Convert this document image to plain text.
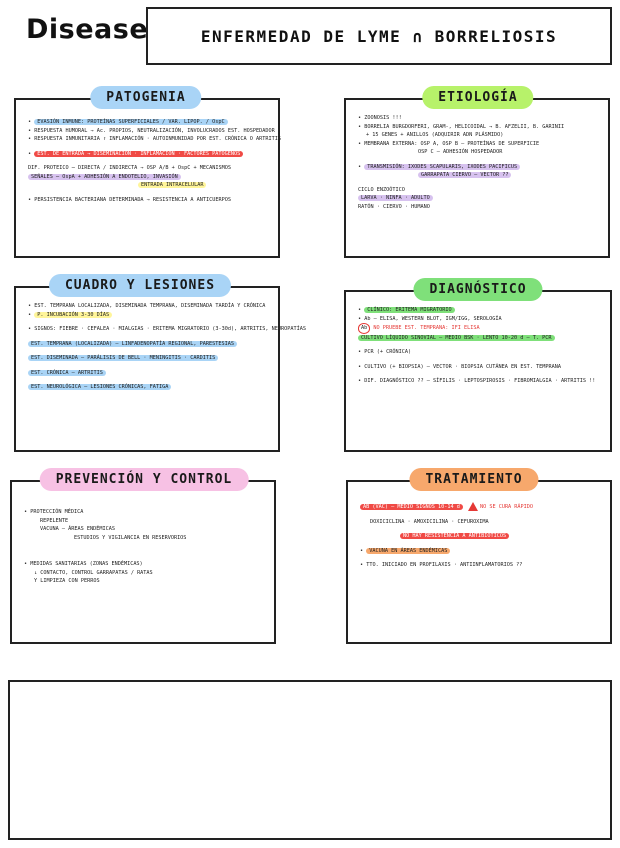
Disease	ENFERMEDAD DE LYME ∩ BORRELIOSIS
• EVASIÓN INMUNE: PROTEÍNAS SUPERFICIALES / VAR. LIPOP. / OspC
• RESPUESTA HUMORAL → Ac. PROPIOS, NEUTRALIZACIÓN, INVOLUCRADOS EST. HOSPEDADOR
• RESPUESTA INMUNITARIA ↑ INFLAMACIÓN · AUTOINMUNIDAD POR EST. CRÓNICA O ARTRITIS
• EST. DE ENTRADA → DISEMINACIÓN · INFLAMACIÓN · FACTORES PATÓGENOS
DIF. PROTEICO ─ DIRECTA / INDIRECTA → OSP A/B + OspC + MECANISMOS
SEÑALES ─ OspA + ADHESIÓN A ENDOTELIO, INVASIÓN
ENTRADA INTRACELULAR
• PERSISTENCIA BACTERIANA DETERMINADA → RESISTENCIA A ANTICUERPOS
PATOGENIA
• ZOONOSIS !!!
• BORRELIA BURGDORFERI, GRAM-, HELICOIDAL → B. AFZELII, B. GARINII
+ 15 GENES + ANILLOS (ADQUIRIR ADN PLÁSMIDO)
• MEMBRANA EXTERNA: OSP A, OSP B — PROTEÍNAS DE SUPERFICIE
OSP C — ADHESIÓN HOSPEDADOR
• TRANSMISIÓN: IXODES SCAPULARIS, IXODES PACIFICUS
GARRAPATA CIERVO — VECTOR ??
CICLO ENZOÓTICO
LARVA · NINFA · ADULTO
RATÓN · CIERVO · HUMANO
ETIOLOGÍA
• EST. TEMPRANA LOCALIZADA, DISEMINADA TEMPRANA, DISEMINADA TARDÍA Y CRÓNICA
• P. INCUBACIÓN 3-30 DÍAS
• SIGNOS: FIEBRE · CEFALEA · MIALGIAS · ERITEMA MIGRATORIO (3-30d), ARTRITIS, NEUROPATÍAS
EST. TEMPRANA (LOCALIZADA) — LINFADENOPATÍA REGIONAL, PARESTESIAS
EST. DISEMINADA — PARÁLISIS DE BELL · MENINGITIS · CARDITIS
EST. CRÓNICA — ARTRITIS
EST. NEUROLÓGICA — LESIONES CRÓNICAS, FATIGA
CUADRO Y LESIONES
• CLÍNICO: ERITEMA MIGRATORIO
• Ab — ELISA, WESTERN BLOT, IGM/IGG, SEROLOGÍA
Ab NO PRUEBE EST. TEMPRANA: IFI ELISA
CULTIVO LÍQUIDO SINOVIAL — MEDIO BSK · LENTO 10-20 d — T. PCR
• PCR (+ CRÓNICA)
• CULTIVO (+ BIOPSIA) — VECTOR · BIOPSIA CUTÁNEA EN EST. TEMPRANA
• DIF. DIAGNÓSTICO ?? — SÍFILIS · LEPTOSPIROSIS · FIBROMIALGIA · ARTRITIS !!
DIAGNÓSTICO
• PROTECCIÓN MÉDICA
REPELENTE
VACUNA — ÁREAS ENDÉMICAS
ESTUDIOS Y VIGILANCIA EN RESERVORIOS
• MEDIDAS SANITARIAS (ZONAS ENDÉMICAS)
↓ CONTACTO, CONTROL GARRAPATAS / RATAS
Y LIMPIEZA CON PERROS
PREVENCIÓN Y CONTROL
AB (VAC) — MEDIO SIGNOS 10-14 d	NO SE CURA RÁPIDO
DOXICICLINA · AMOXICILINA · CEFUROXIMA
NO HAY RESISTENCIA A ANTIBIÓTICOS
• VACUNA EN ÁREAS ENDÉMICAS
• TTO. INICIADO EN PROFILAXIS · ANTIINFLAMATORIOS ??
TRATAMIENTO
